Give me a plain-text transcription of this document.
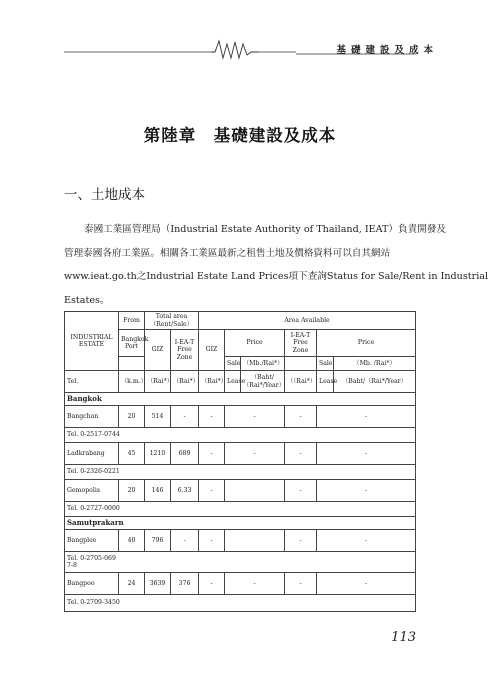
基礎建設及成本
第陸章　基礎建設及成本
一、土地成本
泰國工業區管理局（Industrial Estate Authority of Thailand, IEAT）負責開發及
管理泰國各府工業區。相關各工業區最新之租售土地及價格資料可以自其網站
www.ieat.go.th之Industrial Estate Land Prices項下查詢Status for Sale/Rent in Industrial
Estates。
INDUSTRIAL ESTATE	From	Total area（Rent/Sale）		Area Available					
	Bangkok Port	GIZ	I-EA-T Free Zone	GIZ	Price		I-EA-T Free Zone	Price	
					Sale	（Mb./Rai*）		Sale	（Mb. /Rai*）
Tel.	（k.m.）	（Rai*）	（Rai*）	（Rai*）	Lease	（Baht/（Rai*/Year）	（（Rai*）	Lease	（Baht/（Rai*/Year）
Bangkok									
Bangchan	20	514	-	-	-		-	-	
Tel. 0-2517-0744									
Ladkrabang	45	1210	689	-	-		-	-	
Tel. 0-2326-0221									
Gemopolis	20	146	6.33	-			-	-	
Tel. 0-2727-0000									
Samutprakarn									
Bangplee	40	796	-	-			-	-	

Tel. 0-2705-0697-8									

Bangpoo	24	3639	376	-	-		-	-	
Tel. 0-2709-3450									
113
